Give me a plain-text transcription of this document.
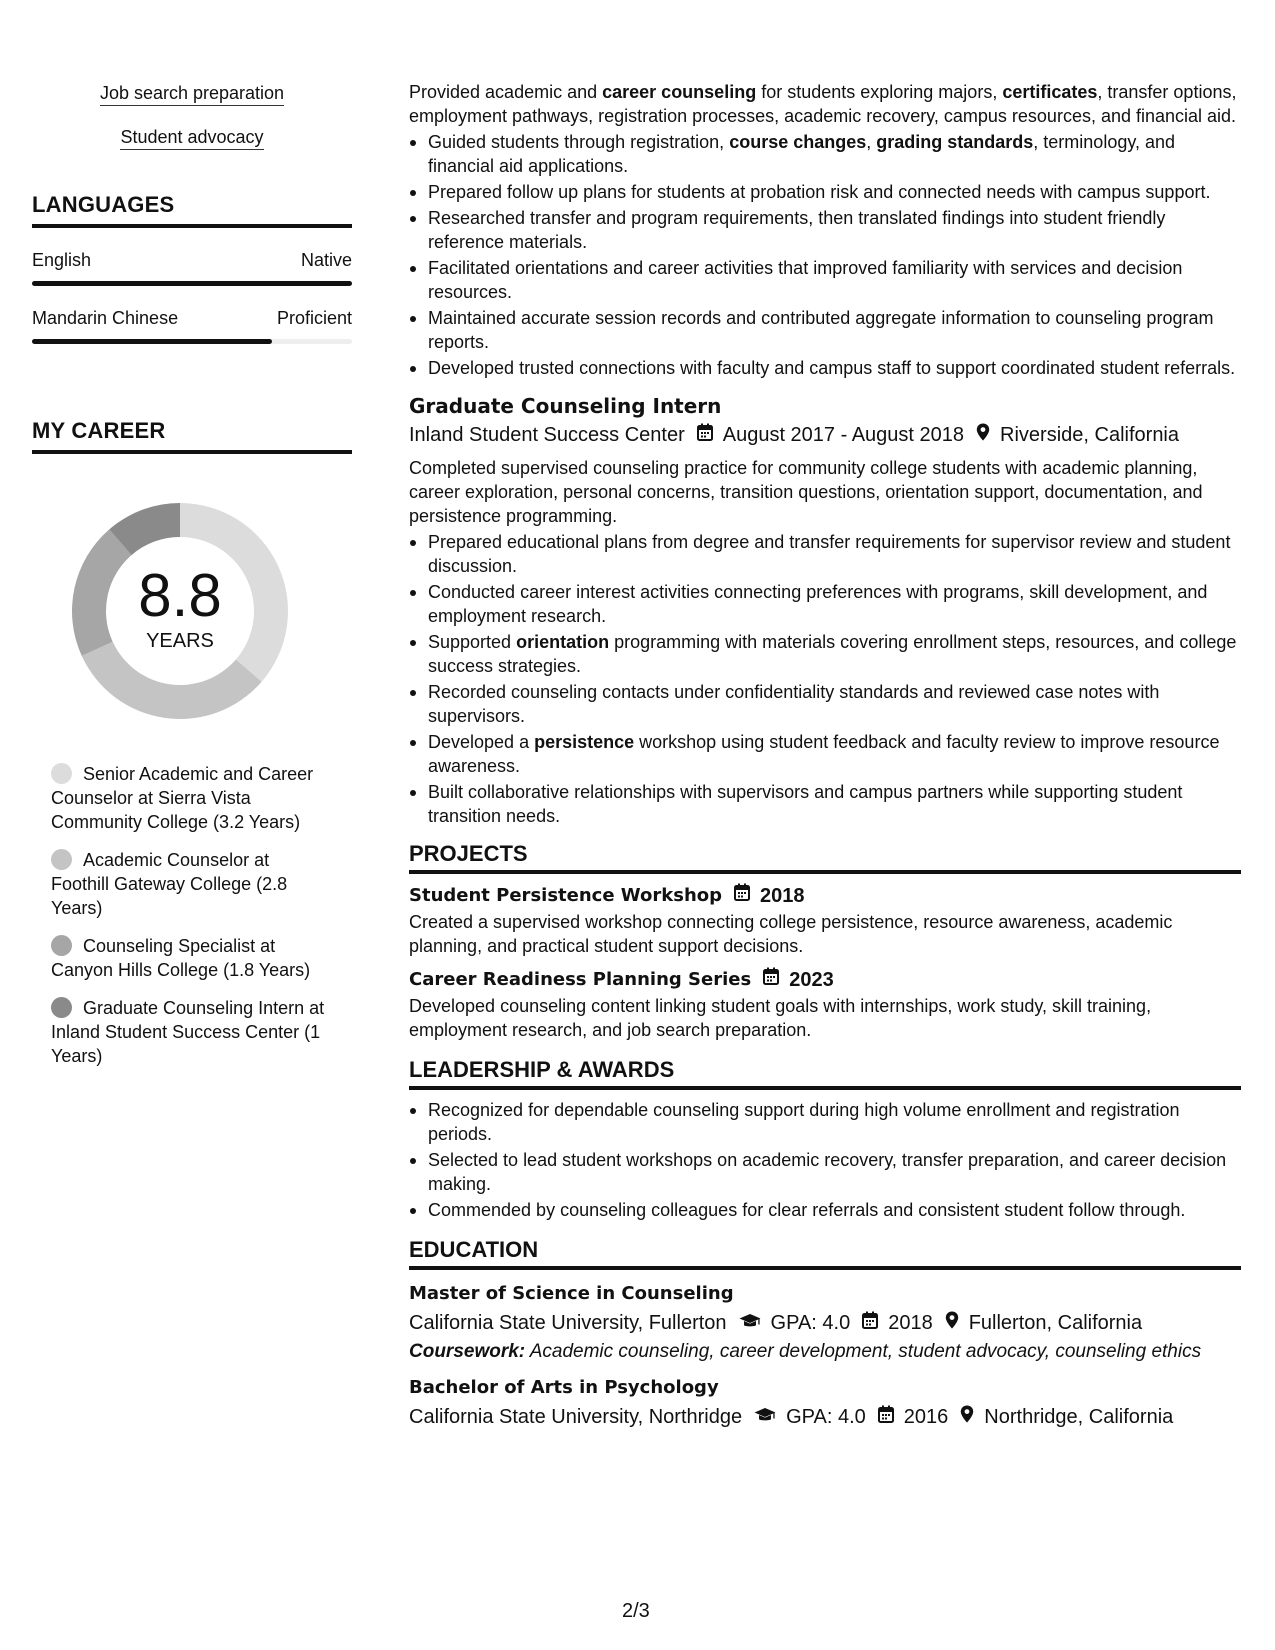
Job search preparation
Student advocacy
LANGUAGES
English	Native
Mandarin Chinese	Proficient
MY CAREER
8.8
YEARS
Senior Academic and Career Counselor at Sierra Vista Community College (3.2 Years)
Academic Counselor at Foothill Gateway College (2.8 Years)
Counseling Specialist at Canyon Hills College (1.8 Years)
Graduate Counseling Intern at Inland Student Success Center (1 Years)
Provided academic and career counseling for students exploring majors, certificates, transfer options, employment pathways, registration processes, academic recovery, campus resources, and financial aid.
Guided students through registration, course changes, grading standards, terminology, and financial aid applications.
Prepared follow up plans for students at probation risk and connected needs with campus support.
Researched transfer and program requirements, then translated findings into student friendly reference materials.
Facilitated orientations and career activities that improved familiarity with services and decision resources.
Maintained accurate session records and contributed aggregate information to counseling program reports.
Developed trusted connections with faculty and campus staff to support coordinated student referrals.
Graduate Counseling Intern
Inland Student Success Center August 2017 - August 2018 Riverside, California
Completed supervised counseling practice for community college students with academic planning, career exploration, personal concerns, transition questions, orientation support, documentation, and persistence programming.
Prepared educational plans from degree and transfer requirements for supervisor review and student discussion.
Conducted career interest activities connecting preferences with programs, skill development, and employment research.
Supported orientation programming with materials covering enrollment steps, resources, and college success strategies.
Recorded counseling contacts under confidentiality standards and reviewed case notes with supervisors.
Developed a persistence workshop using student feedback and faculty review to improve resource awareness.
Built collaborative relationships with supervisors and campus partners while supporting student transition needs.
PROJECTS
Student Persistence Workshop 2018
Created a supervised workshop connecting college persistence, resource awareness, academic planning, and practical student support decisions.
Career Readiness Planning Series 2023
Developed counseling content linking student goals with internships, work study, skill training, employment research, and job search preparation.
LEADERSHIP & AWARDS
Recognized for dependable counseling support during high volume enrollment and registration periods.
Selected to lead student workshops on academic recovery, transfer preparation, and career decision making.
Commended by counseling colleagues for clear referrals and consistent student follow through.
EDUCATION
Master of Science in Counseling
California State University, Fullerton GPA: 4.0 2018 Fullerton, California
Coursework: Academic counseling, career development, student advocacy, counseling ethics
Bachelor of Arts in Psychology
California State University, Northridge GPA: 4.0 2016 Northridge, California
2/3
